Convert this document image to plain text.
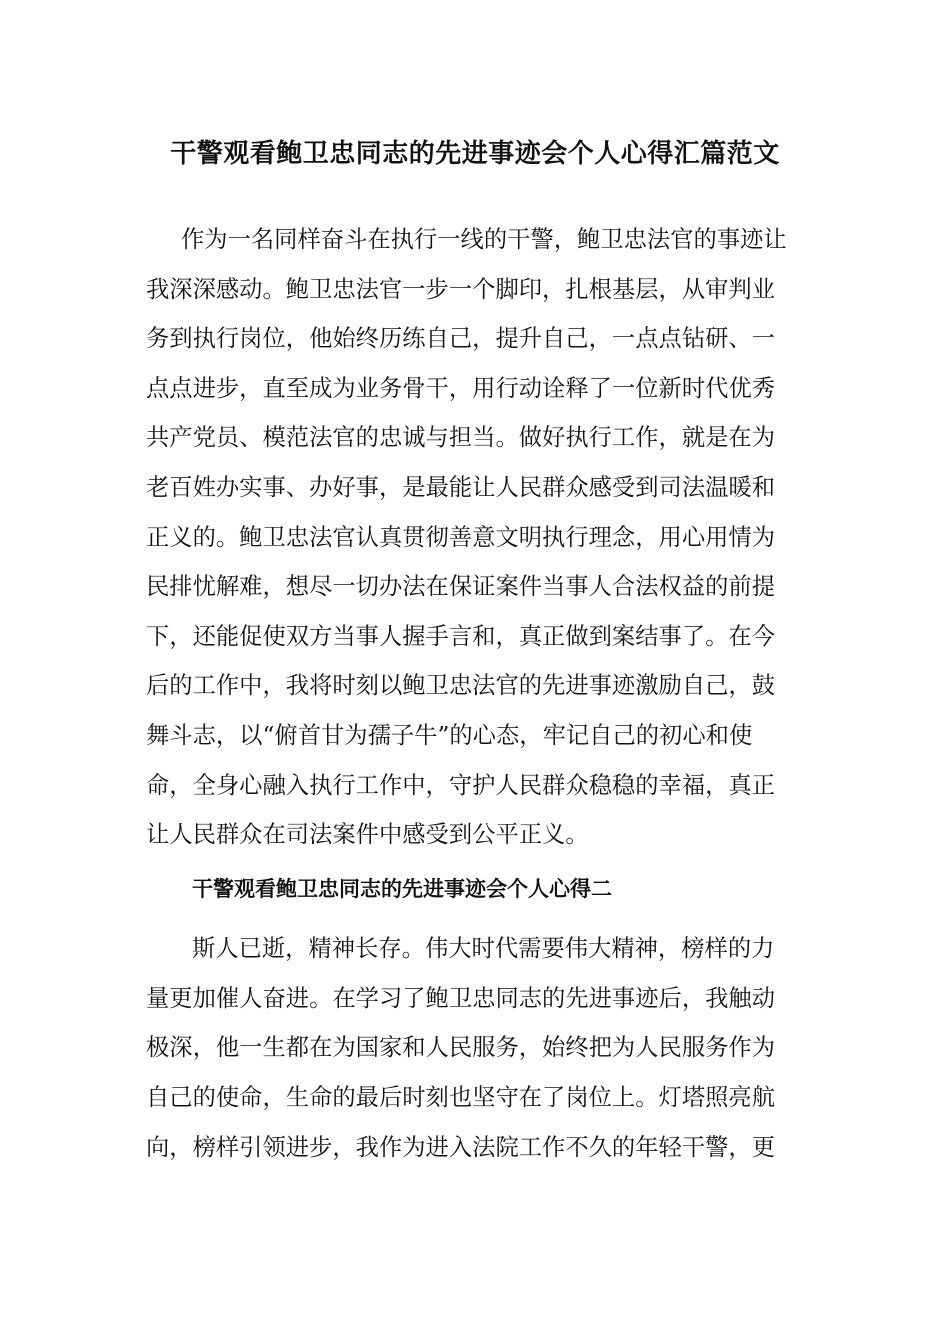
干警观看鲍卫忠同志的先进事迹会个人心得汇篇范文

作为一名同样奋斗在执行一线的干警，鲍卫忠法官的事迹让

我深深感动。鲍卫忠法官一步一个脚印，扎根基层，从审判业

务到执行岗位，他始终历练自己，提升自己，一点点钻研、一

点点进步，直至成为业务骨干，用行动诠释了一位新时代优秀

共产党员、模范法官的忠诚与担当。做好执行工作，就是在为

老百姓办实事、办好事，是最能让人民群众感受到司法温暖和

正义的。鲍卫忠法官认真贯彻善意文明执行理念，用心用情为

民排忧解难，想尽一切办法在保证案件当事人合法权益的前提

下，还能促使双方当事人握手言和，真正做到案结事了。在今

后的工作中，我将时刻以鲍卫忠法官的先进事迹激励自己，鼓

舞斗志，以“俯首甘为孺子牛”的心态，牢记自己的初心和使

命，全身心融入执行工作中，守护人民群众稳稳的幸福，真正

让人民群众在司法案件中感受到公平正义。

干警观看鲍卫忠同志的先进事迹会个人心得二

斯人已逝，精神长存。伟大时代需要伟大精神，榜样的力

量更加催人奋进。在学习了鲍卫忠同志的先进事迹后，我触动

极深，他一生都在为国家和人民服务，始终把为人民服务作为

自己的使命，生命的最后时刻也坚守在了岗位上。灯塔照亮航

向，榜样引领进步，我作为进入法院工作不久的年轻干警，更
